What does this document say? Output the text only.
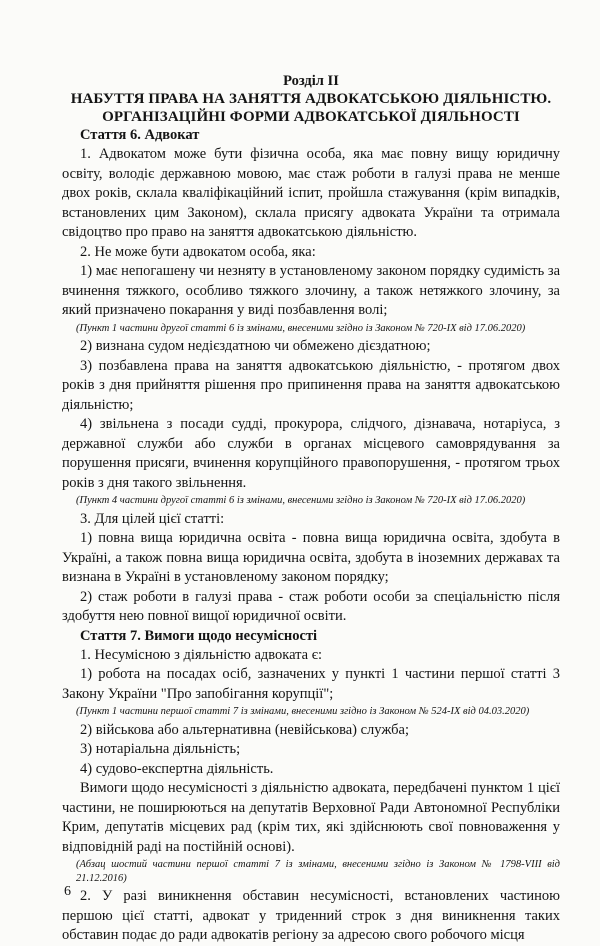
Розділ II

НАБУТТЯ ПРАВА НА ЗАНЯТТЯ АДВОКАТСЬКОЮ ДІЯЛЬНІСТЮ.

ОРГАНІЗАЦІЙНІ ФОРМИ АДВОКАТСЬКОЇ ДІЯЛЬНОСТІ

Стаття 6. Адвокат

1. Адвокатом може бути фізична особа, яка має повну вищу юридичну освіту, володіє державною мовою, має стаж роботи в галузі права не менше двох років, склала кваліфікаційний іспит, пройшла стажування (крім випадків, встановлених цим Законом), склала присягу адвоката України та отримала свідоцтво про право на заняття адвокатською діяльністю.

2. Не може бути адвокатом особа, яка:

1) має непогашену чи незняту в установленому законом порядку судимість за вчинення тяжкого, особливо тяжкого злочину, а також нетяжкого злочину, за який призначено покарання у виді позбавлення волі;

(Пункт 1 частини другої статті 6 із змінами, внесеними згідно із Законом № 720-IX від 17.06.2020)

2) визнана судом недієздатною чи обмежено дієздатною;

3) позбавлена права на заняття адвокатською діяльністю, - протягом двох років з дня прийняття рішення про припинення права на заняття адвокатською діяльністю;

4) звільнена з посади судді, прокурора, слідчого, дізнавача, нотаріуса, з державної служби або служби в органах місцевого самоврядування за порушення присяги, вчинення корупційного правопорушення, - протягом трьох років з дня такого звільнення.

(Пункт 4 частини другої статті 6 із змінами, внесеними згідно із Законом № 720-IX від 17.06.2020)

3. Для цілей цієї статті:

1) повна вища юридична освіта - повна вища юридична освіта, здобута в Україні, а також повна вища юридична освіта, здобута в іноземних державах та визнана в Україні в установленому законом порядку;

2) стаж роботи в галузі права - стаж роботи особи за спеціальністю після здобуття нею повної вищої юридичної освіти.

Стаття 7. Вимоги щодо несумісності

1. Несумісною з діяльністю адвоката є:

1) робота на посадах осіб, зазначених у пункті 1 частини першої статті 3 Закону України "Про запобігання корупції";

(Пункт 1 частини першої статті 7 із змінами, внесеними згідно із Законом № 524-IX від 04.03.2020)

2) військова або альтернативна (невійськова) служба;

3) нотаріальна діяльність;

4) судово-експертна діяльність.

Вимоги щодо несумісності з діяльністю адвоката, передбачені пунктом 1 цієї частини, не поширюються на депутатів Верховної Ради Автономної Республіки Крим, депутатів місцевих рад (крім тих, які здійснюють свої повноваження у відповідній раді на постійній основі).

(Абзац шостий частини першої статті 7 із змінами, внесеними згідно із Законом № 1798-VIII від 21.12.2016)

2. У разі виникнення обставин несумісності, встановлених частиною першою цієї статті, адвокат у триденний строк з дня виникнення таких обставин подає до ради адвокатів регіону за адресою свого робочого місця

6
